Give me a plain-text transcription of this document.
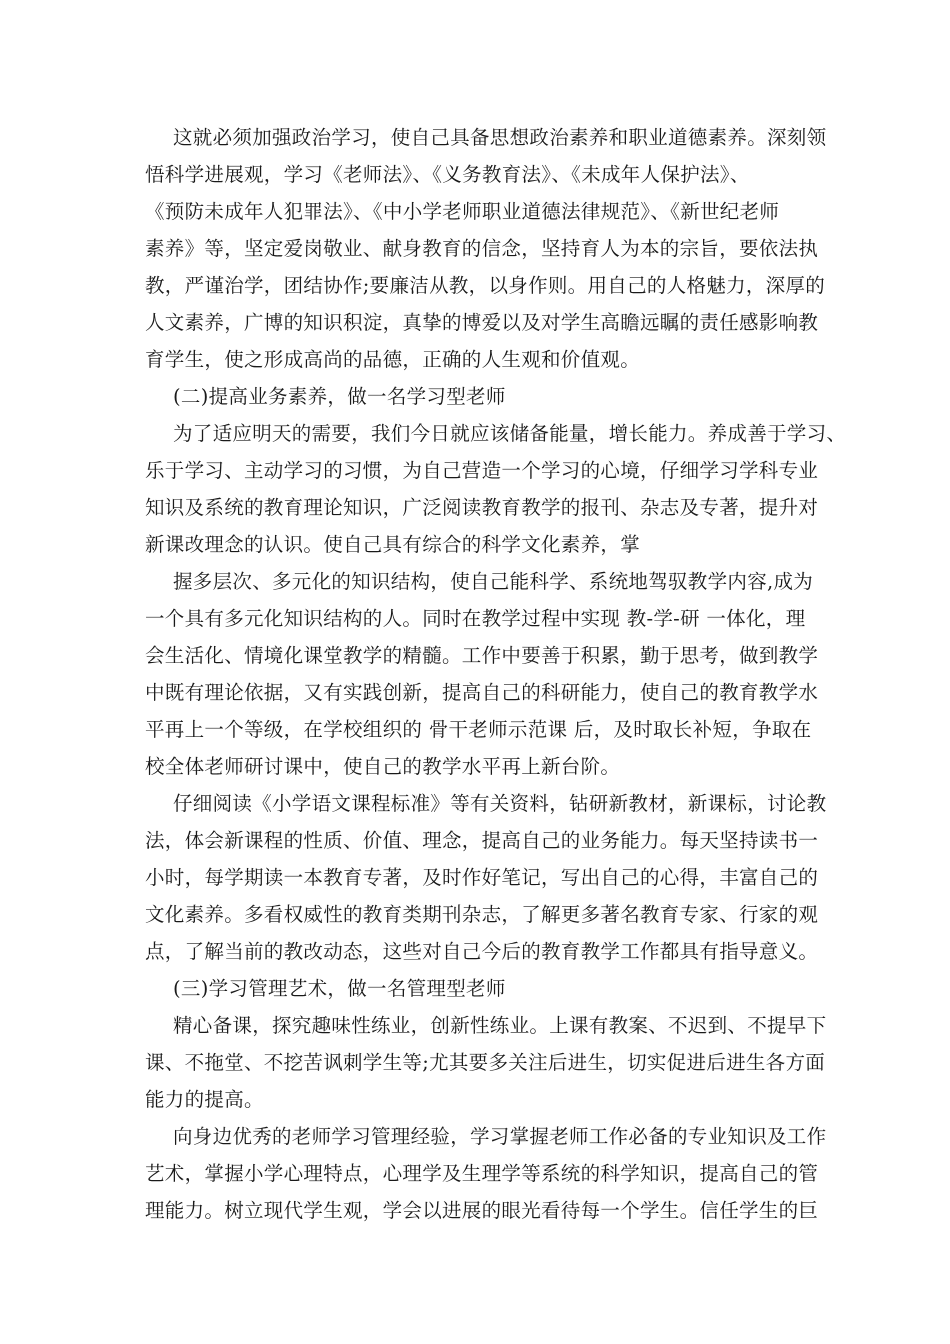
这就必须加强政治学习，使自己具备思想政治素养和职业道德素养。深刻领

悟科学进展观，学习《老师法》、《义务教育法》、《未成年人保护法》、

《预防未成年人犯罪法》、《中小学老师职业道德法律规范》、《新世纪老师

素养》等，坚定爱岗敬业、献身教育的信念，坚持育人为本的宗旨，要依法执

教，严谨治学，团结协作;要廉洁从教，以身作则。用自己的人格魅力，深厚的

人文素养，广博的知识积淀，真挚的博爱以及对学生高瞻远瞩的责任感影响教

育学生，使之形成高尚的品德，正确的人生观和价值观。

(二)提高业务素养，做一名学习型老师

为了适应明天的需要，我们今日就应该储备能量，增长能力。养成善于学习、

乐于学习、主动学习的习惯，为自己营造一个学习的心境，仔细学习学科专业

知识及系统的教育理论知识，广泛阅读教育教学的报刊、杂志及专著，提升对

新课改理念的认识。使自己具有综合的科学文化素养，掌

握多层次、多元化的知识结构，使自己能科学、系统地驾驭教学内容,成为

一个具有多元化知识结构的人。同时在教学过程中实现 教-学-研 一体化，理

会生活化、情境化课堂教学的精髓。工作中要善于积累，勤于思考，做到教学

中既有理论依据，又有实践创新，提高自己的科研能力，使自己的教育教学水

平再上一个等级，在学校组织的 骨干老师示范课 后，及时取长补短，争取在

校全体老师研讨课中，使自己的教学水平再上新台阶。

仔细阅读《小学语文课程标准》等有关资料，钻研新教材，新课标，讨论教

法，体会新课程的性质、价值、理念，提高自己的业务能力。每天坚持读书一

小时，每学期读一本教育专著，及时作好笔记，写出自己的心得，丰富自己的

文化素养。多看权威性的教育类期刊杂志，了解更多著名教育专家、行家的观

点，了解当前的教改动态，这些对自己今后的教育教学工作都具有指导意义。

(三)学习管理艺术，做一名管理型老师

精心备课，探究趣味性练业，创新性练业。上课有教案、不迟到、不提早下

课、不拖堂、不挖苦讽刺学生等;尤其要多关注后进生，切实促进后进生各方面

能力的提高。

向身边优秀的老师学习管理经验，学习掌握老师工作必备的专业知识及工作

艺术，掌握小学心理特点，心理学及生理学等系统的科学知识，提高自己的管

理能力。树立现代学生观，学会以进展的眼光看待每一个学生。信任学生的巨
